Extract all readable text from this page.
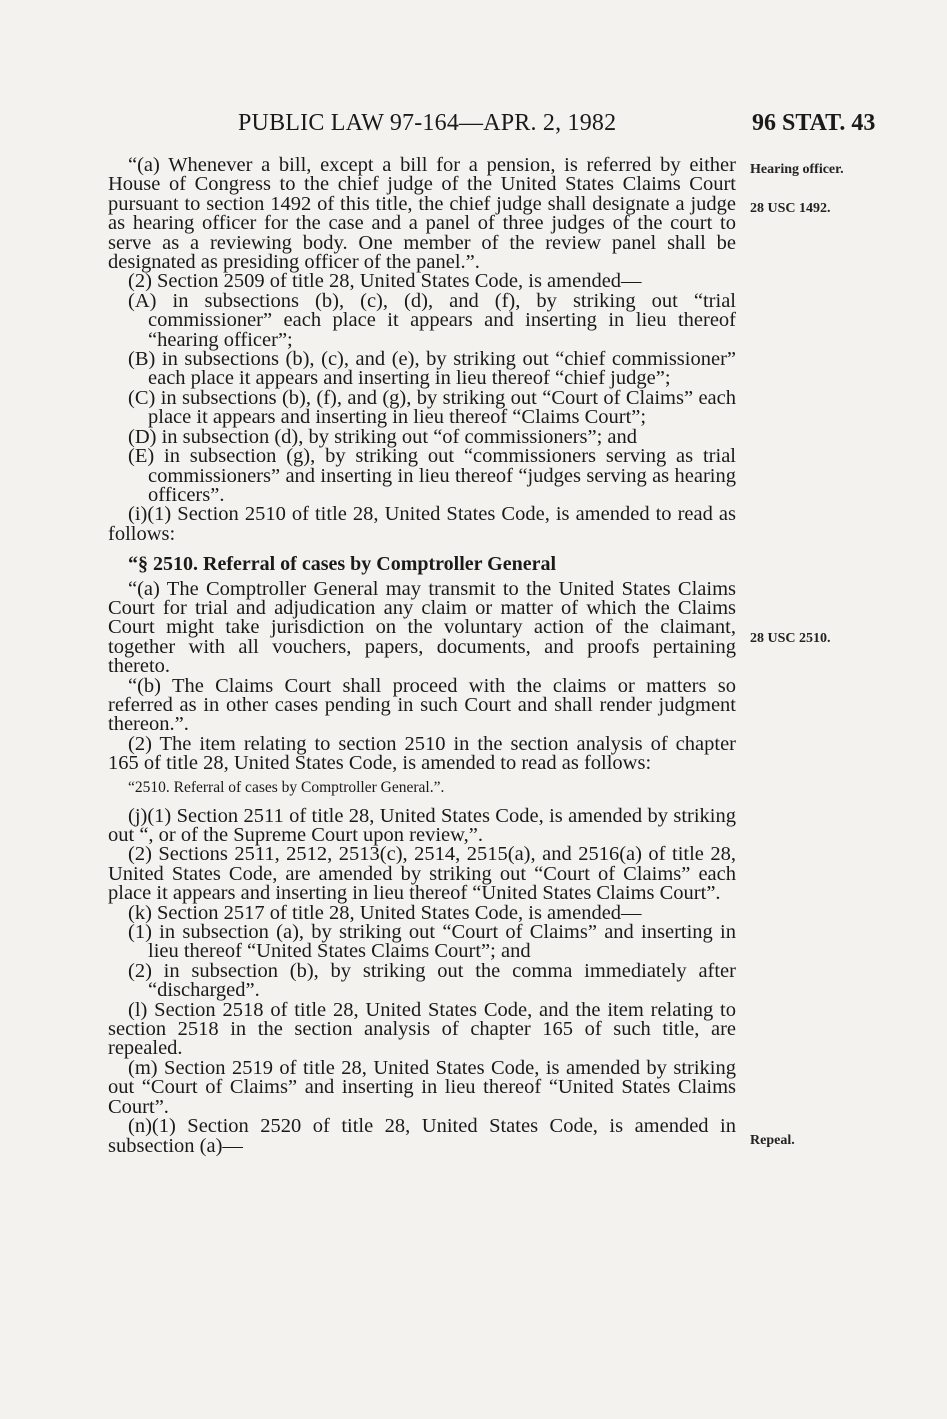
PUBLIC LAW 97-164—APR. 2, 1982	96 STAT. 43

“(a) Whenever a bill, except a bill for a pension, is referred by either House of Congress to the chief judge of the United States Claims Court pursuant to section 1492 of this title, the chief judge shall designate a judge as hearing officer for the case and a panel of three judges of the court to serve as a reviewing body. One member of the review panel shall be designated as presiding officer of the panel.”.

(2) Section 2509 of title 28, United States Code, is amended—

(A) in subsections (b), (c), (d), and (f), by striking out “trial commissioner” each place it appears and inserting in lieu thereof “hearing officer”;

(B) in subsections (b), (c), and (e), by striking out “chief commissioner” each place it appears and inserting in lieu thereof “chief judge”;

(C) in subsections (b), (f), and (g), by striking out “Court of Claims” each place it appears and inserting in lieu thereof “Claims Court”;

(D) in subsection (d), by striking out “of commissioners”; and

(E) in subsection (g), by striking out “commissioners serving as trial commissioners” and inserting in lieu thereof “judges serving as hearing officers”.

(i)(1) Section 2510 of title 28, United States Code, is amended to read as follows:

“§ 2510. Referral of cases by Comptroller General

“(a) The Comptroller General may transmit to the United States Claims Court for trial and adjudication any claim or matter of which the Claims Court might take jurisdiction on the voluntary action of the claimant, together with all vouchers, papers, documents, and proofs pertaining thereto.

“(b) The Claims Court shall proceed with the claims or matters so referred as in other cases pending in such Court and shall render judgment thereon.”.

(2) The item relating to section 2510 in the section analysis of chapter 165 of title 28, United States Code, is amended to read as follows:

“2510. Referral of cases by Comptroller General.”.

(j)(1) Section 2511 of title 28, United States Code, is amended by striking out “, or of the Supreme Court upon review,”.

(2) Sections 2511, 2512, 2513(c), 2514, 2515(a), and 2516(a) of title 28, United States Code, are amended by striking out “Court of Claims” each place it appears and inserting in lieu thereof “United States Claims Court”.

(k) Section 2517 of title 28, United States Code, is amended—

(1) in subsection (a), by striking out “Court of Claims” and inserting in lieu thereof “United States Claims Court”; and

(2) in subsection (b), by striking out the comma immediately after “discharged”.

(l) Section 2518 of title 28, United States Code, and the item relating to section 2518 in the section analysis of chapter 165 of such title, are repealed.

(m) Section 2519 of title 28, United States Code, is amended by striking out “Court of Claims” and inserting in lieu thereof “United States Claims Court”.

(n)(1) Section 2520 of title 28, United States Code, is amended in subsection (a)—

Hearing officer.
28 USC 1492.
28 USC 2510.
Repeal.
